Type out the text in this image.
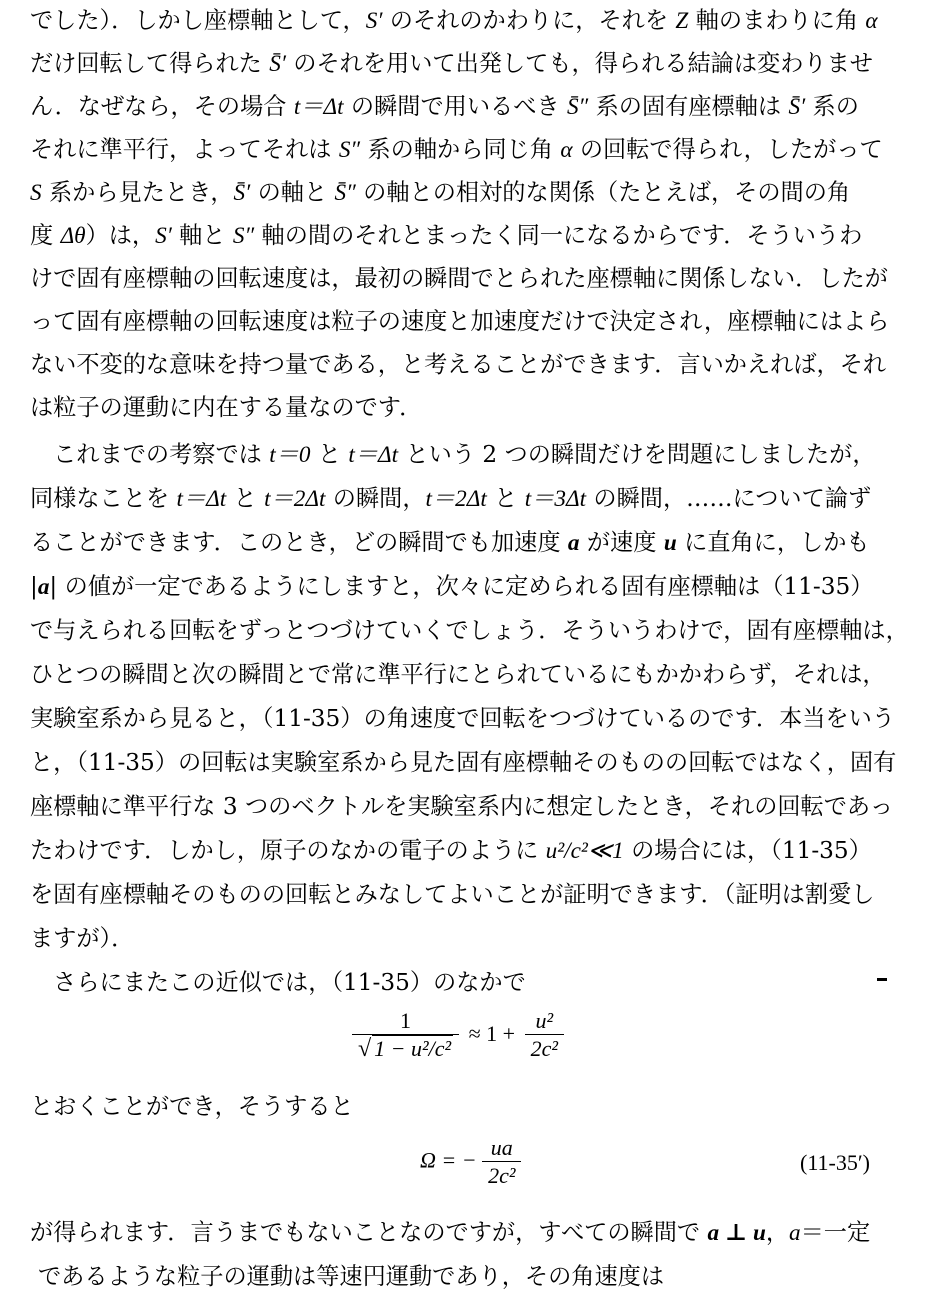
でした）．しかし座標軸として，S′ のそれのかわりに，それを Z 軸のまわりに角 α
だけ回転して得られた S̄′ のそれを用いて出発しても，得られる結論は変わりませ
ん．なぜなら，その場合 t＝Δt の瞬間で用いるべき S̄″ 系の固有座標軸は S̄′ 系の
それに準平行，よってそれは S″ 系の軸から同じ角 α の回転で得られ，したがって
S 系から見たとき，S̄′ の軸と S̄″ の軸との相対的な関係（たとえば，その間の角
度 Δθ）は，S′ 軸と S″ 軸の間のそれとまったく同一になるからです．そういうわ
けで固有座標軸の回転速度は，最初の瞬間でとられた座標軸に関係しない．したが
って固有座標軸の回転速度は粒子の速度と加速度だけで決定され，座標軸にはよら
ない不変的な意味を持つ量である，と考えることができます．言いかえれば，それ
は粒子の運動に内在する量なのです．
　これまでの考察では t＝0 と t＝Δt という 2 つの瞬間だけを問題にしましたが，
同様なことを t＝Δt と t＝2Δt の瞬間，t＝2Δt と t＝3Δt の瞬間，……について論ず
ることができます．このとき，どの瞬間でも加速度 a が速度 u に直角に，しかも
|a| の値が一定であるようにしますと，次々に定められる固有座標軸は（11-35）
で与えられる回転をずっとつづけていくでしょう．そういうわけで，固有座標軸は，
ひとつの瞬間と次の瞬間とで常に準平行にとられているにもかかわらず，それは，
実験室系から見ると，（11-35）の角速度で回転をつづけているのです．本当をいう
と，（11-35）の回転は実験室系から見た固有座標軸そのものの回転ではなく，固有
座標軸に準平行な 3 つのベクトルを実験室系内に想定したとき，それの回転であっ
たわけです．しかし，原子のなかの電子のように u²/c²≪1 の場合には，（11-35）
を固有座標軸そのものの回転とみなしてよいことが証明できます．（証明は割愛し
ますが）．
　さらにまたこの近似では，（11-35）のなかで
$\frac{1}{\text{√ 1 − u²/c²}} \approx 1 + \frac{\text{u²}}{\text{2c²}}$
とおくことができ，そうすると
Ω = − $\frac{ua}{\text{2c²}}$	(11-35′)
が得られます．言うまでもないことなのですが，すべての瞬間で a ⊥ u，a＝一定
であるような粒子の運動は等速円運動であり，その角速度は
